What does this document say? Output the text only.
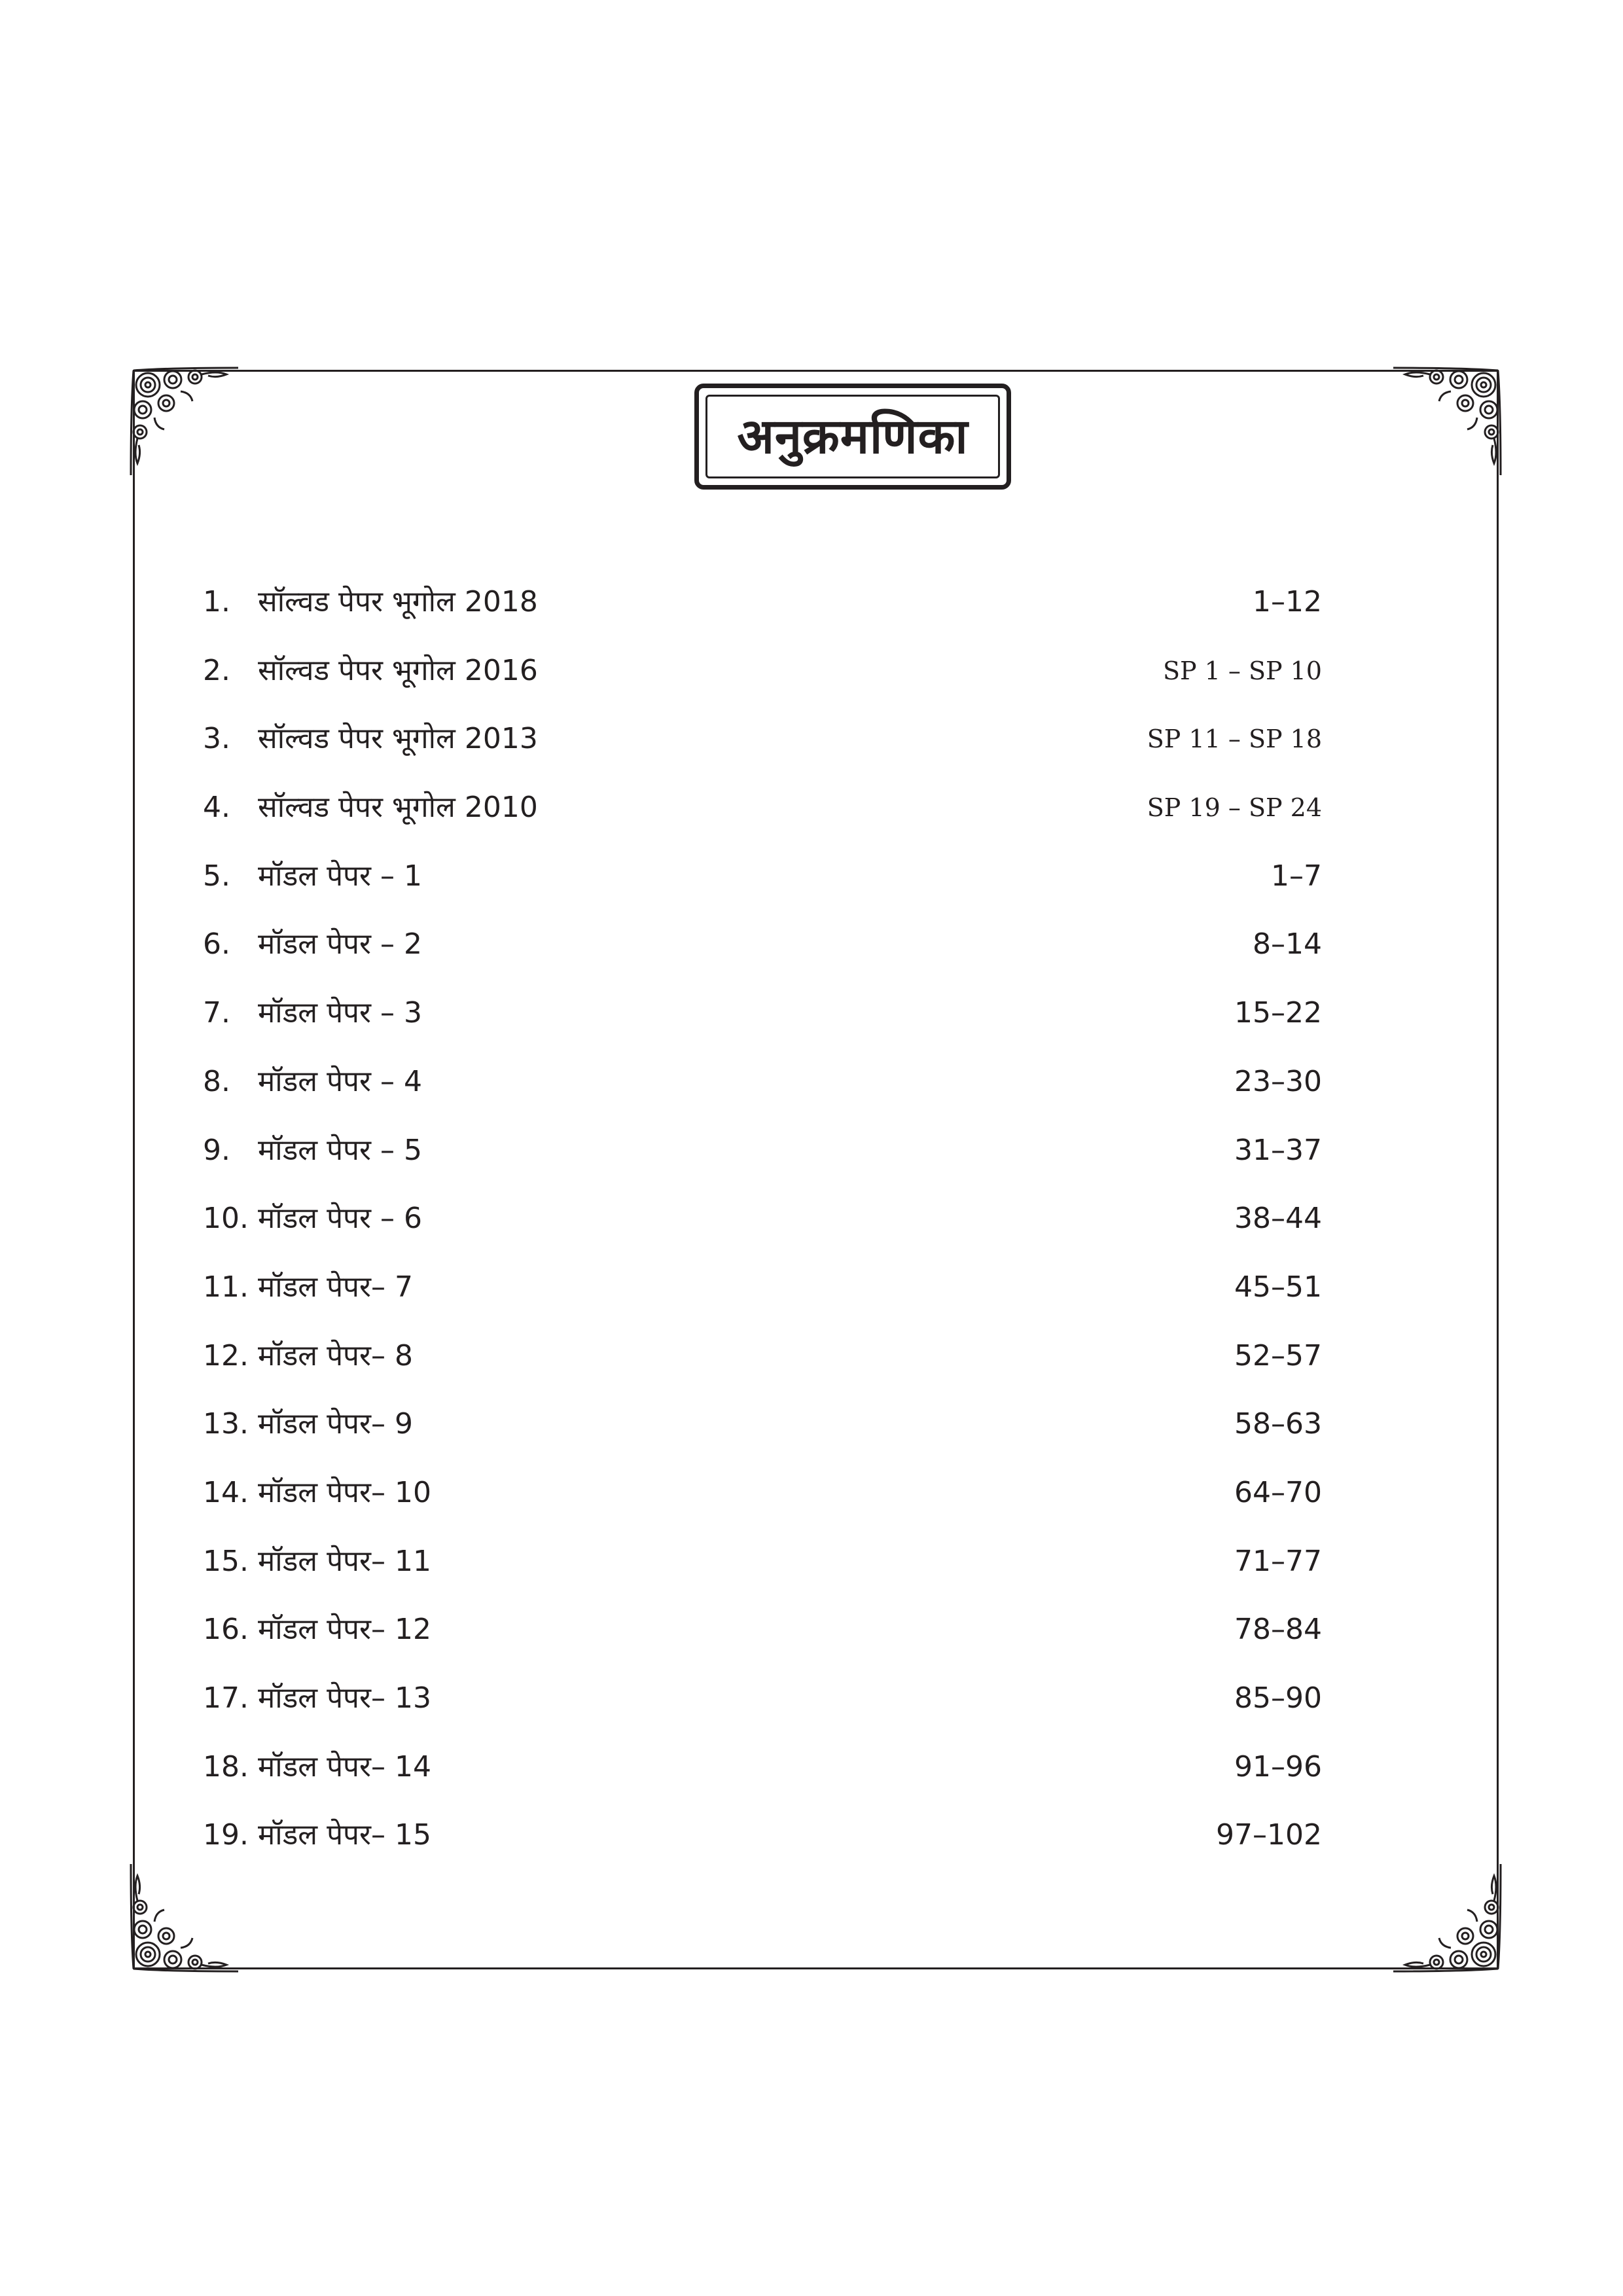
अनुक्रमणिका
1. सॉल्वड पेपर भूगोल 2018	1–12
2. सॉल्वड पेपर भूगोल 2016	SP 1 – SP 10
3. सॉल्वड पेपर भूगोल 2013	SP 11 – SP 18
4. सॉल्वड पेपर भूगोल 2010	SP 19 – SP 24
5. मॉडल पेपर – 1	1–7
6. मॉडल पेपर – 2	8–14
7. मॉडल पेपर – 3	15–22
8. मॉडल पेपर – 4	23–30
9. मॉडल पेपर – 5	31–37
10. मॉडल पेपर – 6	38–44
11. मॉडल पेपर– 7	45–51
12. मॉडल पेपर– 8	52–57
13. मॉडल पेपर– 9	58–63
14. मॉडल पेपर– 10	64–70
15. मॉडल पेपर– 11	71–77
16. मॉडल पेपर– 12	78–84
17. मॉडल पेपर– 13	85–90
18. मॉडल पेपर– 14	91–96
19. मॉडल पेपर– 15	97–102
